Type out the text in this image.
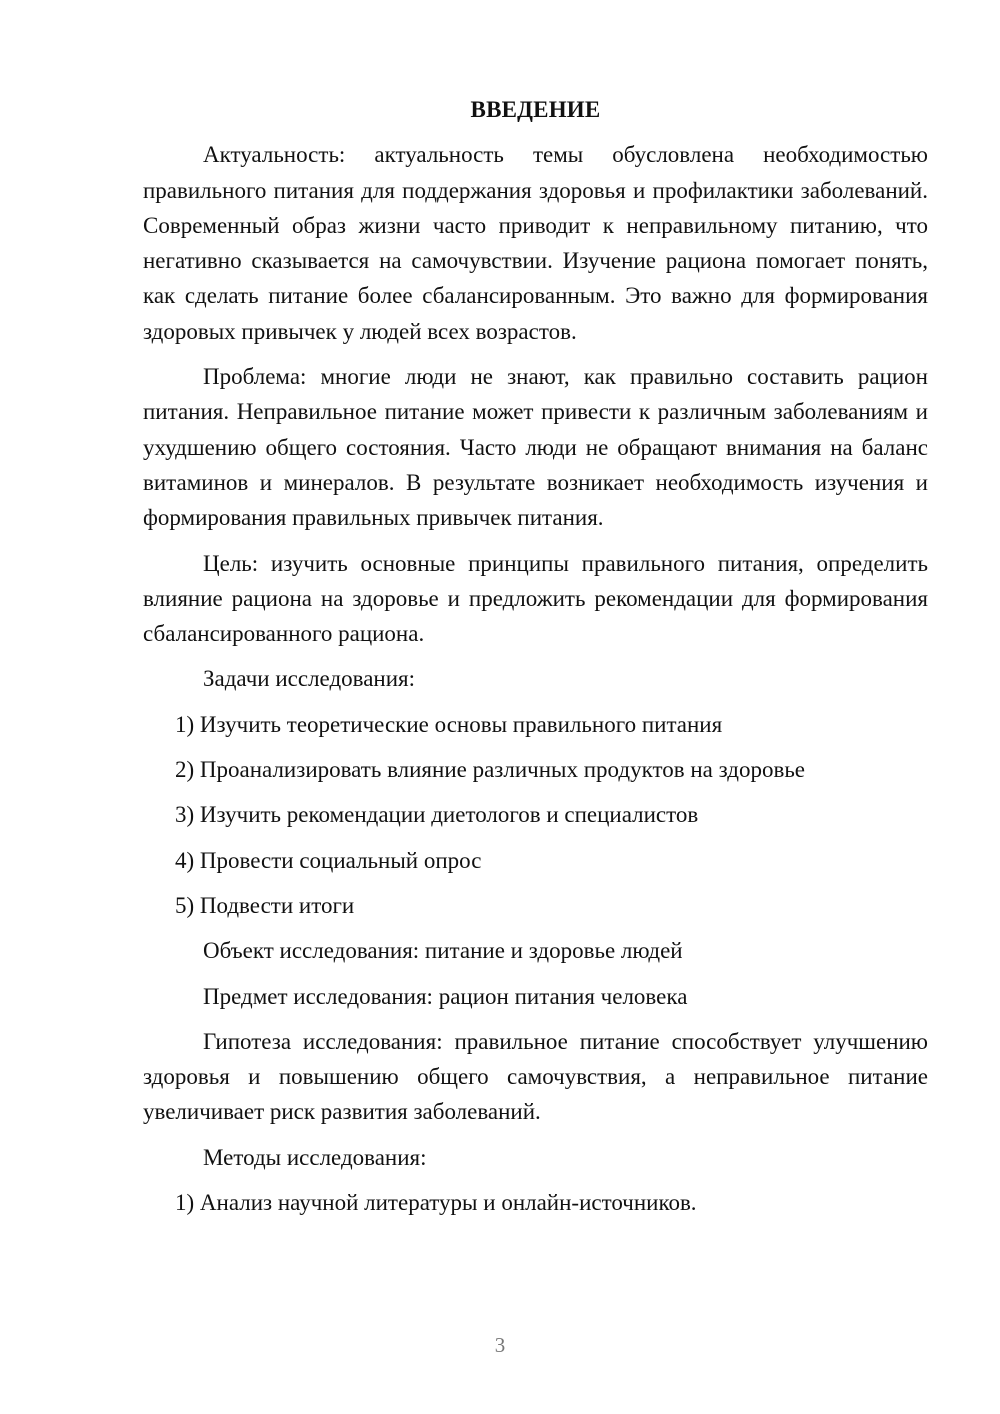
ВВЕДЕНИЕ

Актуальность: актуальность темы обусловлена необходимостью правильного питания для поддержания здоровья и профилактики заболеваний. Современный образ жизни часто приводит к неправильному питанию, что негативно сказывается на самочувствии. Изучение рациона помогает понять, как сделать питание более сбалансированным. Это важно для формирования здоровых привычек у людей всех возрастов.

Проблема: многие люди не знают, как правильно составить рацион питания. Неправильное питание может привести к различным заболеваниям и ухудшению общего состояния. Часто люди не обращают внимания на баланс витаминов и минералов. В результате возникает необходимость изучения и формирования правильных привычек питания.

Цель: изучить основные принципы правильного питания, определить влияние рациона на здоровье и предложить рекомендации для формирования сбалансированного рациона.

Задачи исследования:

1) Изучить теоретические основы правильного питания

2) Проанализировать влияние различных продуктов на здоровье

3) Изучить рекомендации диетологов и специалистов

4) Провести социальный опрос

5) Подвести итоги

Объект исследования: питание и здоровье людей

Предмет исследования: рацион питания человека

Гипотеза исследования: правильное питание способствует улучшению здоровья и повышению общего самочувствия, а неправильное питание увеличивает риск развития заболеваний.

Методы исследования:

1) Анализ научной литературы и онлайн-источников.

3
